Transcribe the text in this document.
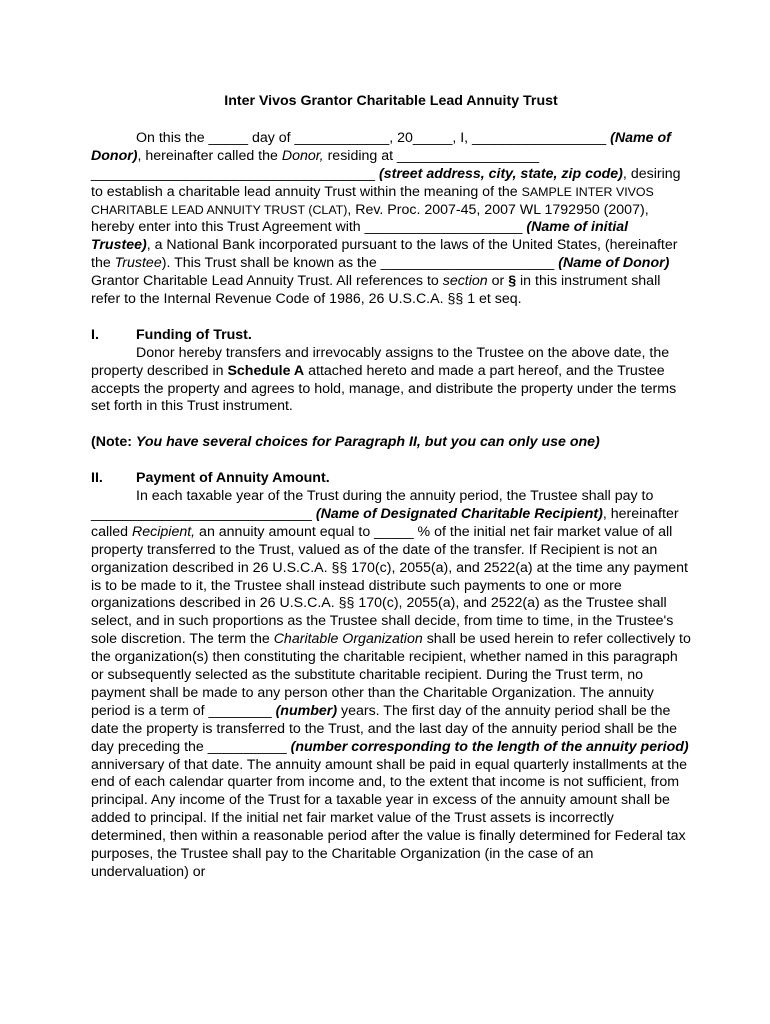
Inter Vivos Grantor Charitable Lead Annuity Trust

On this the _____ day of ____________, 20_____, I, _________________ (Name of Donor), hereinafter called the Donor, residing at __________________ ____________________________________ (street address, city, state, zip code), desiring to establish a charitable lead annuity Trust within the meaning of the SAMPLE INTER VIVOS CHARITABLE LEAD ANNUITY TRUST (CLAT), Rev. Proc. 2007-45, 2007 WL 1792950 (2007), hereby enter into this Trust Agreement with ____________________ (Name of initial Trustee), a National Bank incorporated pursuant to the laws of the United States, (hereinafter the Trustee). This Trust shall be known as the ______________________ (Name of Donor) Grantor Charitable Lead Annuity Trust. All references to section or § in this instrument shall refer to the Internal Revenue Code of 1986, 26 U.S.C.A. §§ 1 et seq.

I.	Funding of Trust.

Donor hereby transfers and irrevocably assigns to the Trustee on the above date, the property described in Schedule A attached hereto and made a part hereof, and the Trustee accepts the property and agrees to hold, manage, and distribute the property under the terms set forth in this Trust instrument.

(Note: You have several choices for Paragraph II, but you can only use one)

II.	Payment of Annuity Amount.

In each taxable year of the Trust during the annuity period, the Trustee shall pay to ____________________________ (Name of Designated Charitable Recipient), hereinafter called Recipient, an annuity amount equal to _____ % of the initial net fair market value of all property transferred to the Trust, valued as of the date of the transfer. If Recipient is not an organization described in 26 U.S.C.A. §§ 170(c), 2055(a), and 2522(a) at the time any payment is to be made to it, the Trustee shall instead distribute such payments to one or more organizations described in 26 U.S.C.A. §§ 170(c), 2055(a), and 2522(a) as the Trustee shall select, and in such proportions as the Trustee shall decide, from time to time, in the Trustee's sole discretion. The term the Charitable Organization shall be used herein to refer collectively to the organization(s) then constituting the charitable recipient, whether named in this paragraph or subsequently selected as the substitute charitable recipient. During the Trust term, no payment shall be made to any person other than the Charitable Organization. The annuity period is a term of ________ (number) years. The first day of the annuity period shall be the date the property is transferred to the Trust, and the last day of the annuity period shall be the day preceding the __________ (number corresponding to the length of the annuity period) anniversary of that date. The annuity amount shall be paid in equal quarterly installments at the end of each calendar quarter from income and, to the extent that income is not sufficient, from principal. Any income of the Trust for a taxable year in excess of the annuity amount shall be added to principal. If the initial net fair market value of the Trust assets is incorrectly determined, then within a reasonable period after the value is finally determined for Federal tax purposes, the Trustee shall pay to the Charitable Organization (in the case of an undervaluation) or
